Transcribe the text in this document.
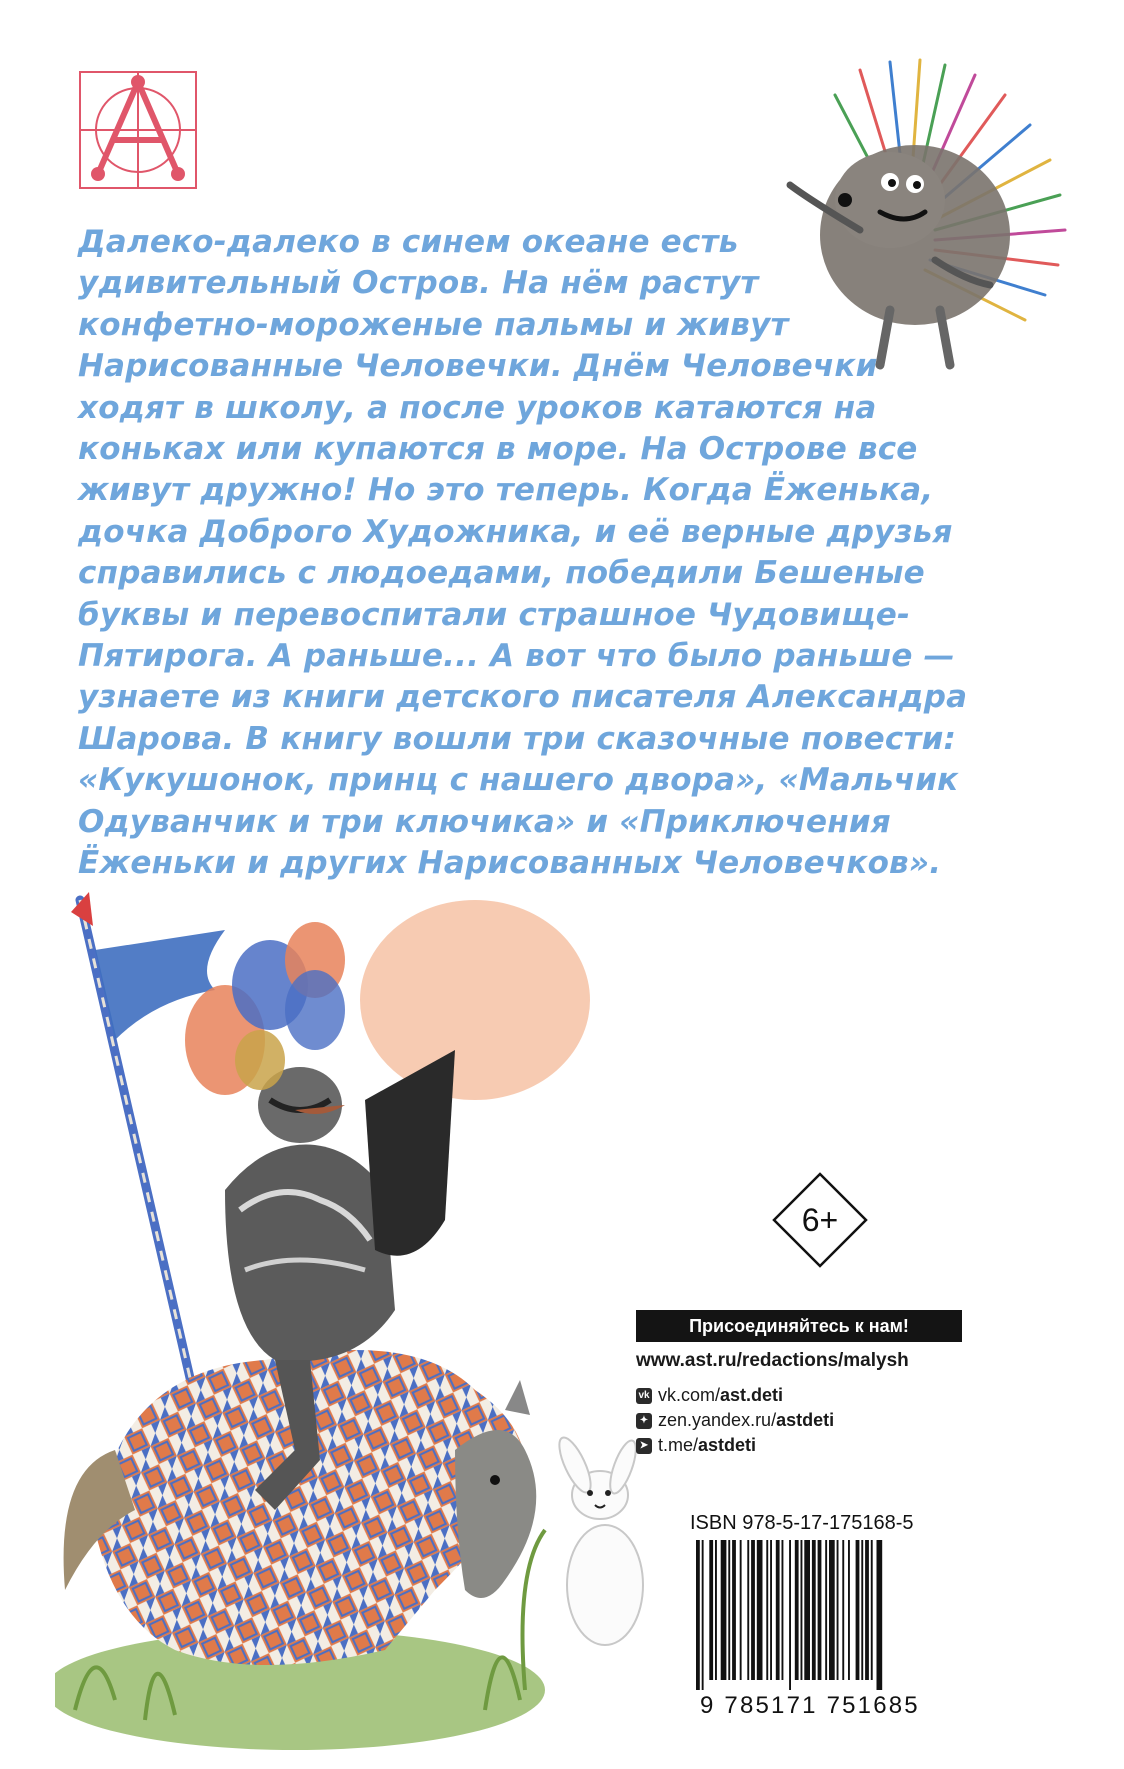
Далеко-далеко в синем океане есть
удивительный Остров. На нём растут
конфетно-мороженые пальмы и живут
Нарисованные Человечки. Днём Человечки
ходят в школу, а после уроков катаются на
коньках или купаются в море. На Острове все
живут дружно! Но это теперь. Когда Ёженька,
дочка Доброго Художника, и её верные друзья
справились с людоедами, победили Бешеные
буквы и перевоспитали страшное Чудовище-
Пятирога. А раньше... А вот что было раньше —
узнаете из книги детского писателя Александра
Шарова. В книгу вошли три сказочные повести:
«Кукушонок, принц с нашего двора», «Мальчик
Одуванчик и три ключика» и «Приключения
Ёженьки и других Нарисованных Человечков».
6+
Присоединяйтесь к нам!
www.ast.ru/redactions/malysh
vk vk.com/ ast.deti
✦ zen.yandex.ru/ astdeti
➤ t.me/ astdeti
ISBN 978-5-17-175168-5
9 785171 751685
